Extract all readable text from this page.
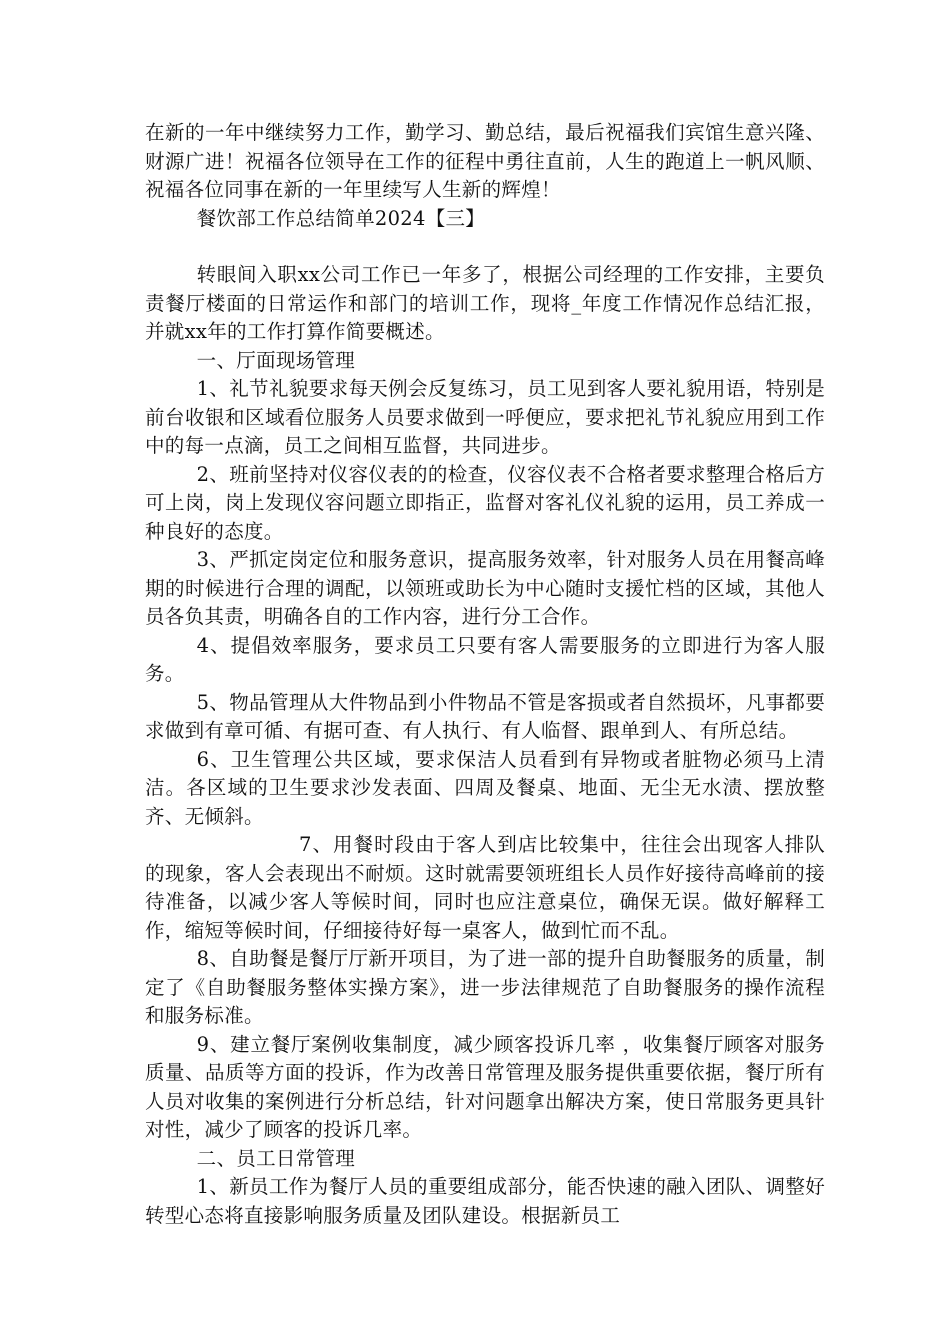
在新的一年中继续努力工作，勤学习、勤总结，最后祝福我们宾馆生意兴隆、财源广进！祝福各位领导在工作的征程中勇往直前，人生的跑道上一帆风顺、祝福各位同事在新的一年里续写人生新的辉煌！

餐饮部工作总结简单2024【三】

转眼间入职xx公司工作已一年多了，根据公司经理的工作安排，主要负责餐厅楼面的日常运作和部门的培训工作，现将_年度工作情况作总结汇报，并就xx年的工作打算作简要概述。

一、厅面现场管理

1、礼节礼貌要求每天例会反复练习，员工见到客人要礼貌用语，特别是前台收银和区域看位服务人员要求做到一呼便应，要求把礼节礼貌应用到工作中的每一点滴，员工之间相互监督，共同进步。

2、班前坚持对仪容仪表的的检查，仪容仪表不合格者要求整理合格后方可上岗，岗上发现仪容问题立即指正，监督对客礼仪礼貌的运用，员工养成一种良好的态度。

3、严抓定岗定位和服务意识，提高服务效率，针对服务人员在用餐高峰期的时候进行合理的调配，以领班或助长为中心随时支援忙档的区域，其他人员各负其责，明确各自的工作内容，进行分工合作。

4、提倡效率服务，要求员工只要有客人需要服务的立即进行为客人服务。

5、物品管理从大件物品到小件物品不管是客损或者自然损坏，凡事都要求做到有章可循、有据可查、有人执行、有人临督、跟单到人、有所总结。

6、卫生管理公共区域，要求保洁人员看到有异物或者脏物必须马上清洁。各区域的卫生要求沙发表面、四周及餐桌、地面、无尘无水渍、摆放整齐、无倾斜。

7、用餐时段由于客人到店比较集中，往往会出现客人排队的现象，客人会表现出不耐烦。这时就需要领班组长人员作好接待高峰前的接待准备，以减少客人等候时间，同时也应注意桌位，确保无误。做好解释工作，缩短等候时间，仔细接待好每一桌客人，做到忙而不乱。

8、自助餐是餐厅厅新开项目，为了进一部的提升自助餐服务的质量，制定了《自助餐服务整体实操方案》，进一步法律规范了自助餐服务的操作流程和服务标准。

9、建立餐厅案例收集制度，减少顾客投诉几率 ，收集餐厅顾客对服务质量、品质等方面的投诉，作为改善日常管理及服务提供重要依据，餐厅所有人员对收集的案例进行分析总结，针对问题拿出解决方案，使日常服务更具针对性，减少了顾客的投诉几率。

二、员工日常管理

1、新员工作为餐厅人员的重要组成部分，能否快速的融入团队、调整好转型心态将直接影响服务质量及团队建设。根据新员工
